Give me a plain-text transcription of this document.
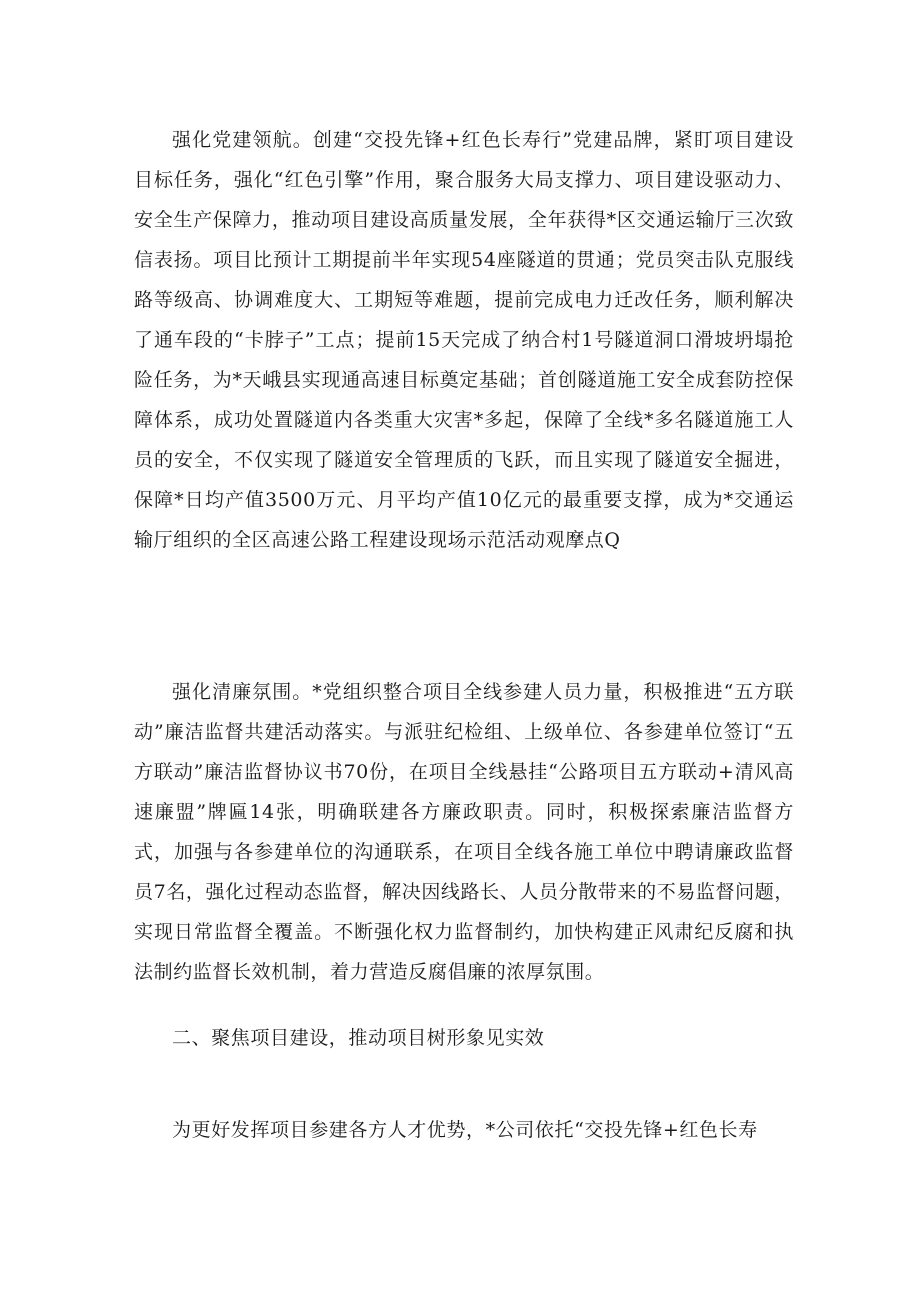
强化党建领航。创建“交投先锋+红色长寿行”党建品牌，紧盯项目建设目标任务，强化“红色引擎”作用，聚合服务大局支撑力、项目建设驱动力、安全生产保障力，推动项目建设高质量发展，全年获得*区交通运输厅三次致信表扬。项目比预计工期提前半年实现54座隧道的贯通；党员突击队克服线路等级高、协调难度大、工期短等难题，提前完成电力迁改任务，顺利解决了通车段的“卡脖子”工点；提前15天完成了纳合村1号隧道洞口滑坡坍塌抢险任务，为*天峨县实现通高速目标奠定基础；首创隧道施工安全成套防控保障体系，成功处置隧道内各类重大灾害*多起，保障了全线*多名隧道施工人员的安全，不仅实现了隧道安全管理质的飞跃，而且实现了隧道安全掘进，保障*日均产值3500万元、月平均产值10亿元的最重要支撑，成为*交通运输厅组织的全区高速公路工程建设现场示范活动观摩点Q

强化清廉氛围。*党组织整合项目全线参建人员力量，积极推进“五方联动”廉洁监督共建活动落实。与派驻纪检组、上级单位、各参建单位签订“五方联动”廉洁监督协议书70份，在项目全线悬挂“公路项目五方联动+清风高速廉盟”牌匾14张，明确联建各方廉政职责。同时，积极探索廉洁监督方式，加强与各参建单位的沟通联系，在项目全线各施工单位中聘请廉政监督员7名，强化过程动态监督，解决因线路长、人员分散带来的不易监督问题，实现日常监督全覆盖。不断强化权力监督制约，加快构建正风肃纪反腐和执法制约监督长效机制，着力营造反腐倡廉的浓厚氛围。

二、聚焦项目建设，推动项目树形象见实效

为更好发挥项目参建各方人才优势，*公司依托“交投先锋+红色长寿
